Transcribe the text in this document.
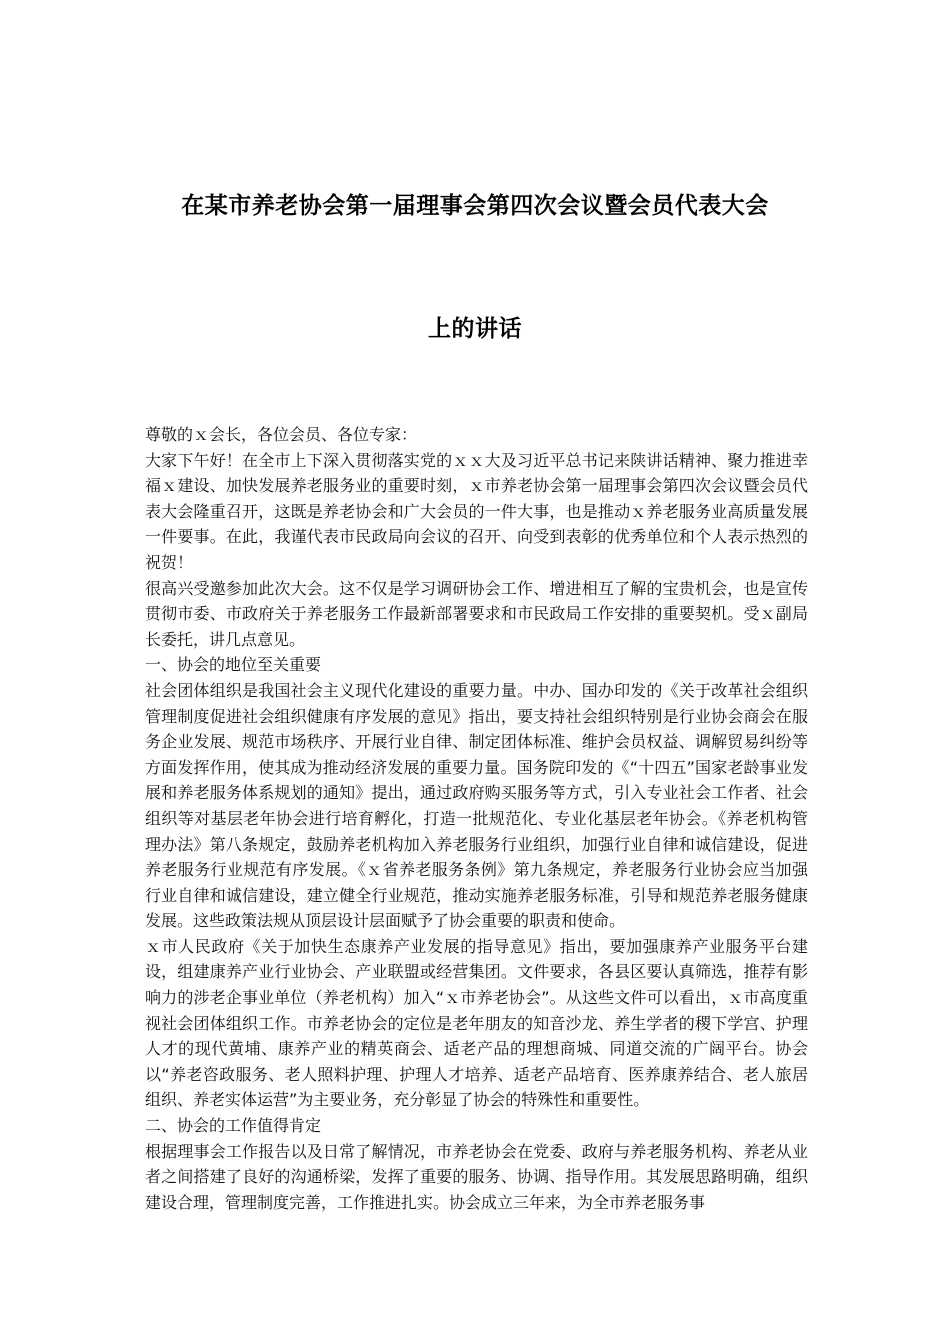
在某市养老协会第一届理事会第四次会议暨会员代表大会
上的讲话

尊敬的ｘ会长，各位会员、各位专家：

大家下午好！在全市上下深入贯彻落实党的ｘｘ大及习近平总书记来陕讲话精神、聚力推进幸福ｘ建设、加快发展养老服务业的重要时刻，ｘ市养老协会第一届理事会第四次会议暨会员代表大会隆重召开，这既是养老协会和广大会员的一件大事，也是推动ｘ养老服务业高质量发展一件要事。在此，我谨代表市民政局向会议的召开、向受到表彰的优秀单位和个人表示热烈的祝贺！

很高兴受邀参加此次大会。这不仅是学习调研协会工作、增进相互了解的宝贵机会，也是宣传贯彻市委、市政府关于养老服务工作最新部署要求和市民政局工作安排的重要契机。受ｘ副局长委托，讲几点意见。

一、协会的地位至关重要

社会团体组织是我国社会主义现代化建设的重要力量。中办、国办印发的《关于改革社会组织管理制度促进社会组织健康有序发展的意见》指出，要支持社会组织特别是行业协会商会在服务企业发展、规范市场秩序、开展行业自律、制定团体标准、维护会员权益、调解贸易纠纷等方面发挥作用，使其成为推动经济发展的重要力量。国务院印发的《“十四五”国家老龄事业发展和养老服务体系规划的通知》提出，通过政府购买服务等方式，引入专业社会工作者、社会组织等对基层老年协会进行培育孵化，打造一批规范化、专业化基层老年协会。《养老机构管理办法》第八条规定，鼓励养老机构加入养老服务行业组织，加强行业自律和诚信建设，促进养老服务行业规范有序发展。《ｘ省养老服务条例》第九条规定，养老服务行业协会应当加强行业自律和诚信建设，建立健全行业规范，推动实施养老服务标准，引导和规范养老服务健康发展。这些政策法规从顶层设计层面赋予了协会重要的职责和使命。

ｘ市人民政府《关于加快生态康养产业发展的指导意见》指出，要加强康养产业服务平台建设，组建康养产业行业协会、产业联盟或经营集团。文件要求，各县区要认真筛选，推荐有影响力的涉老企事业单位（养老机构）加入“ｘ市养老协会”。从这些文件可以看出，ｘ市高度重视社会团体组织工作。市养老协会的定位是老年朋友的知音沙龙、养生学者的稷下学宫、护理人才的现代黄埔、康养产业的精英商会、适老产品的理想商城、同道交流的广阔平台。协会以“养老咨政服务、老人照料护理、护理人才培养、适老产品培育、医养康养结合、老人旅居组织、养老实体运营”为主要业务，充分彰显了协会的特殊性和重要性。

二、协会的工作值得肯定

根据理事会工作报告以及日常了解情况，市养老协会在党委、政府与养老服务机构、养老从业者之间搭建了良好的沟通桥梁，发挥了重要的服务、协调、指导作用。其发展思路明确，组织建设合理，管理制度完善，工作推进扎实。协会成立三年来，为全市养老服务事
